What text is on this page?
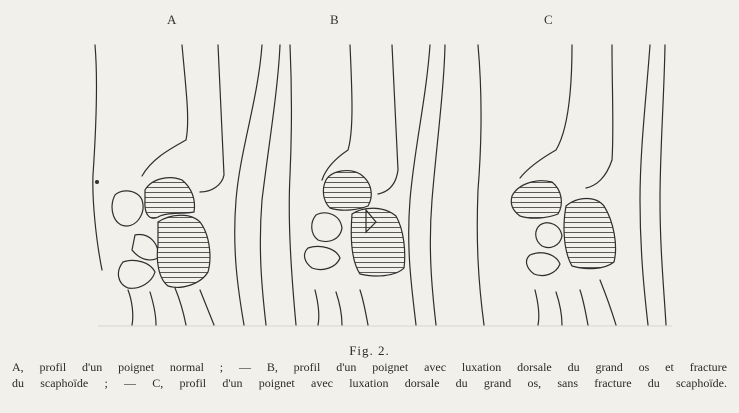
A	B	C
Fig. 2.
A, profil d'un poignet normal ; — B, profil d'un poignet avec luxation dorsale du grand os et fracture
du scaphoïde ; — C, profil d'un poignet avec luxation dorsale du grand os, sans fracture du scaphoïde.
